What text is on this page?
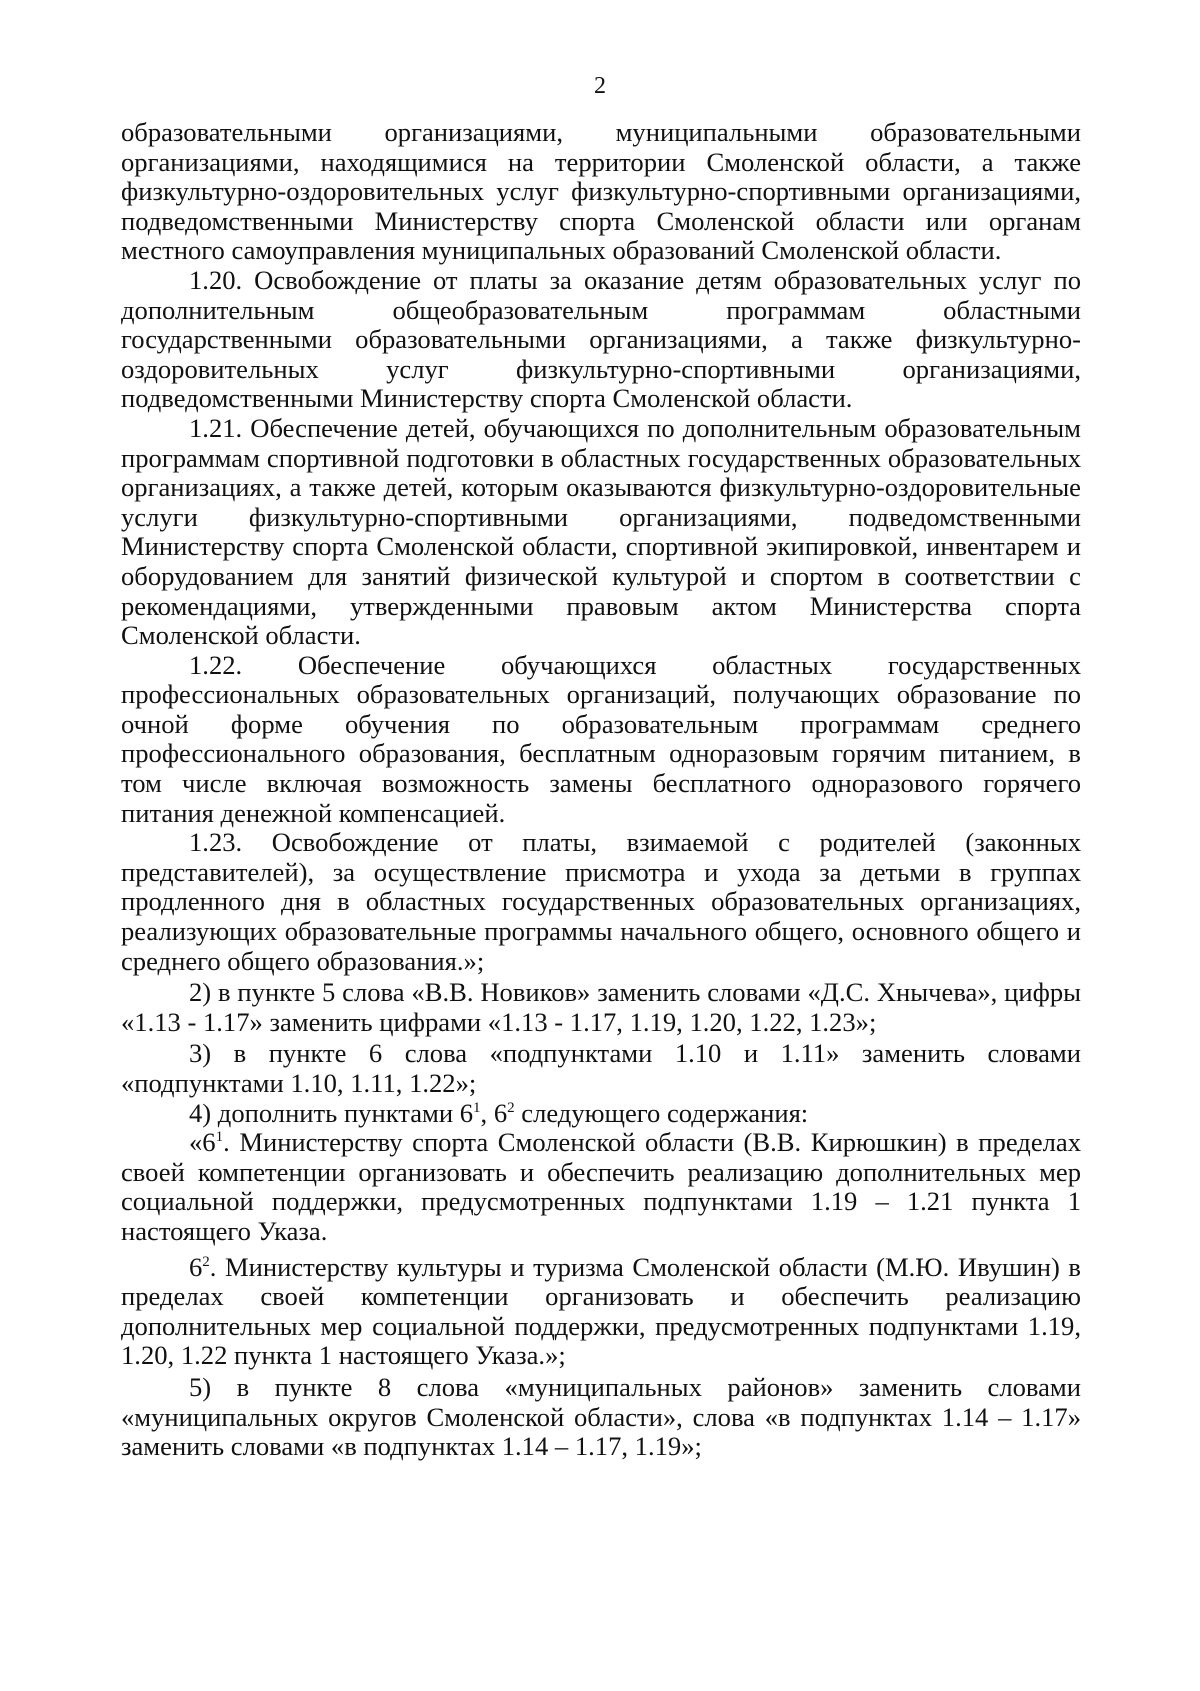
2

образовательными организациями, муниципальными образовательными организациями, находящимися на территории Смоленской области, а также физкультурно-оздоровительных услуг физкультурно-спортивными организациями, подведомственными Министерству спорта Смоленской области или органам местного самоуправления муниципальных образований Смоленской области.

1.20. Освобождение от платы за оказание детям образовательных услуг по дополнительным общеобразовательным программам областными государственными образовательными организациями, а также физкультурно-оздоровительных услуг физкультурно-спортивными организациями, подведомственными Министерству спорта Смоленской области.

1.21. Обеспечение детей, обучающихся по дополнительным образовательным программам спортивной подготовки в областных государственных образовательных организациях, а также детей, которым оказываются физкультурно-оздоровительные услуги физкультурно-спортивными организациями, подведомственными Министерству спорта Смоленской области, спортивной экипировкой, инвентарем и оборудованием для занятий физической культурой и спортом в соответствии с рекомендациями, утвержденными правовым актом Министерства спорта Смоленской области.

1.22. Обеспечение обучающихся областных государственных профессиональных образовательных организаций, получающих образование по очной форме обучения по образовательным программам среднего профессионального образования, бесплатным одноразовым горячим питанием, в том числе включая возможность замены бесплатного одноразового горячего питания денежной компенсацией.

1.23. Освобождение от платы, взимаемой с родителей (законных представителей), за осуществление присмотра и ухода за детьми в группах продленного дня в областных государственных образовательных организациях, реализующих образовательные программы начального общего, основного общего и среднего общего образования.»;

2) в пункте 5 слова «В.В. Новиков» заменить словами «Д.С. Хнычева», цифры «1.13 - 1.17» заменить цифрами «1.13 - 1.17, 1.19, 1.20, 1.22, 1.23»;

3) в пункте 6 слова «подпунктами 1.10 и 1.11» заменить словами «подпунктами 1.10, 1.11, 1.22»;

4) дополнить пунктами $6^1$, $6^2$ следующего содержания:

«$6^1$. Министерству спорта Смоленской области (В.В. Кирюшкин) в пределах своей компетенции организовать и обеспечить реализацию дополнительных мер социальной поддержки, предусмотренных подпунктами 1.19 – 1.21 пункта 1 настоящего Указа.

$6^2$. Министерству культуры и туризма Смоленской области (М.Ю. Ивушин) в пределах своей компетенции организовать и обеспечить реализацию дополнительных мер социальной поддержки, предусмотренных подпунктами 1.19, 1.20, 1.22 пункта 1 настоящего Указа.»;

5) в пункте 8 слова «муниципальных районов» заменить словами «муниципальных округов Смоленской области», слова «в подпунктах 1.14 – 1.17» заменить словами «в подпунктах 1.14 – 1.17, 1.19»;
